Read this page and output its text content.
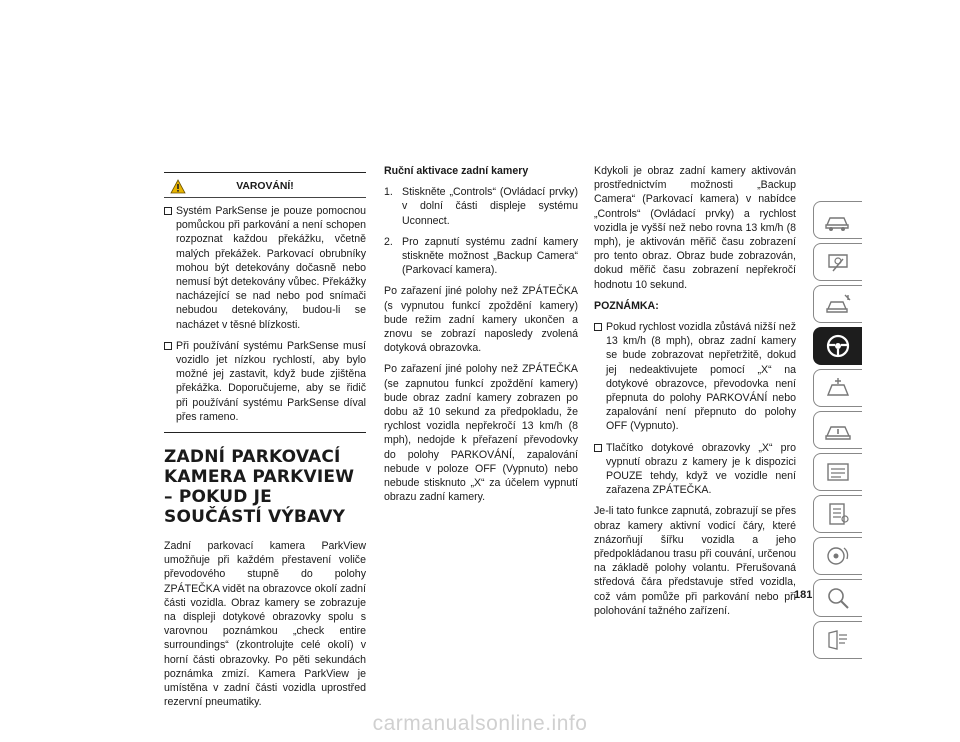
VAROVÁNÍ!
Systém ParkSense je pouze pomocnou pomůckou při parkování a není schopen rozpoznat každou překážku, včetně malých překážek. Parkovací obrubníky mohou být detekovány dočasně nebo nemusí být detekovány vůbec. Překážky nacházející se nad nebo pod snímači nebudou detekovány, budou-li se nacházet v těsné blízkosti.
Při používání systému ParkSense musí vozidlo jet nízkou rychlostí, aby bylo možné jej zastavit, když bude zjištěna překážka. Doporučujeme, aby se řidič při používání systému ParkSense díval přes rameno.
ZADNÍ PARKOVACÍ KAMERA PARKVIEW – POKUD JE SOUČÁSTÍ VÝBAVY

Zadní parkovací kamera ParkView umožňuje při každém přestavení voliče převodového stupně do polohy ZPÁTEČKA vidět na obrazovce okolí zadní části vozidla. Obraz kamery se zobrazuje na displeji dotykové obrazovky spolu s varovnou poznámkou „check entire surroundings“ (zkontrolujte celé okolí) v horní části obrazovky. Po pěti sekundách poznámka zmizí. Kamera ParkView je umístěna v zadní části vozidla uprostřed rezervní pneumatiky.

Ruční aktivace zadní kamery
1. Stiskněte „Controls“ (Ovládací prvky) v dolní části displeje systému Uconnect.
2. Pro zapnutí systému zadní kamery stiskněte možnost „Backup Camera“ (Parkovací kamera).

Po zařazení jiné polohy než ZPÁTEČKA (s vypnutou funkcí zpoždění kamery) bude režim zadní kamery ukončen a znovu se zobrazí naposledy zvolená dotyková obrazovka.

Po zařazení jiné polohy než ZPÁTEČKA (se zapnutou funkcí zpoždění kamery) bude obraz zadní kamery zobrazen po dobu až 10 sekund za předpokladu, že rychlost vozidla nepřekročí 13 km/h (8 mph), nedojde k přeřazení převodovky do polohy PARKOVÁNÍ, zapalování nebude v poloze OFF (Vypnuto) nebo nebude stisknuto „X“ za účelem vypnutí obrazu zadní kamery.

Kdykoli je obraz zadní kamery aktivován prostřednictvím možnosti „Backup Camera“ (Parkovací kamera) v nabídce „Controls“ (Ovládací prvky) a rychlost vozidla je vyšší než nebo rovna 13 km/h (8 mph), je aktivován měřič času zobrazení pro tento obraz. Obraz bude zobrazován, dokud měřič času zobrazení nepřekročí hodnotu 10 sekund.

POZNÁMKA:
Pokud rychlost vozidla zůstává nižší než 13 km/h (8 mph), obraz zadní kamery se bude zobrazovat nepřetržitě, dokud jej nedeaktivujete pomocí „X“ na dotykové obrazovce, převodovka není přepnuta do polohy PARKOVÁNÍ nebo zapalování není přepnuto do polohy OFF (Vypnuto).
Tlačítko dotykové obrazovky „X“ pro vypnutí obrazu z kamery je k dispozici POUZE tehdy, když ve vozidle není zařazena ZPÁTEČKA.

Je-li tato funkce zapnutá, zobrazují se přes obraz kamery aktivní vodicí čáry, které znázorňují šířku vozidla a jeho předpokládanou trasu při couvání, určenou na základě polohy volantu. Přerušovaná středová čára představuje střed vozidla, což vám pomůže při parkování nebo při polohování tažného zařízení.

181
carmanualsonline.info
